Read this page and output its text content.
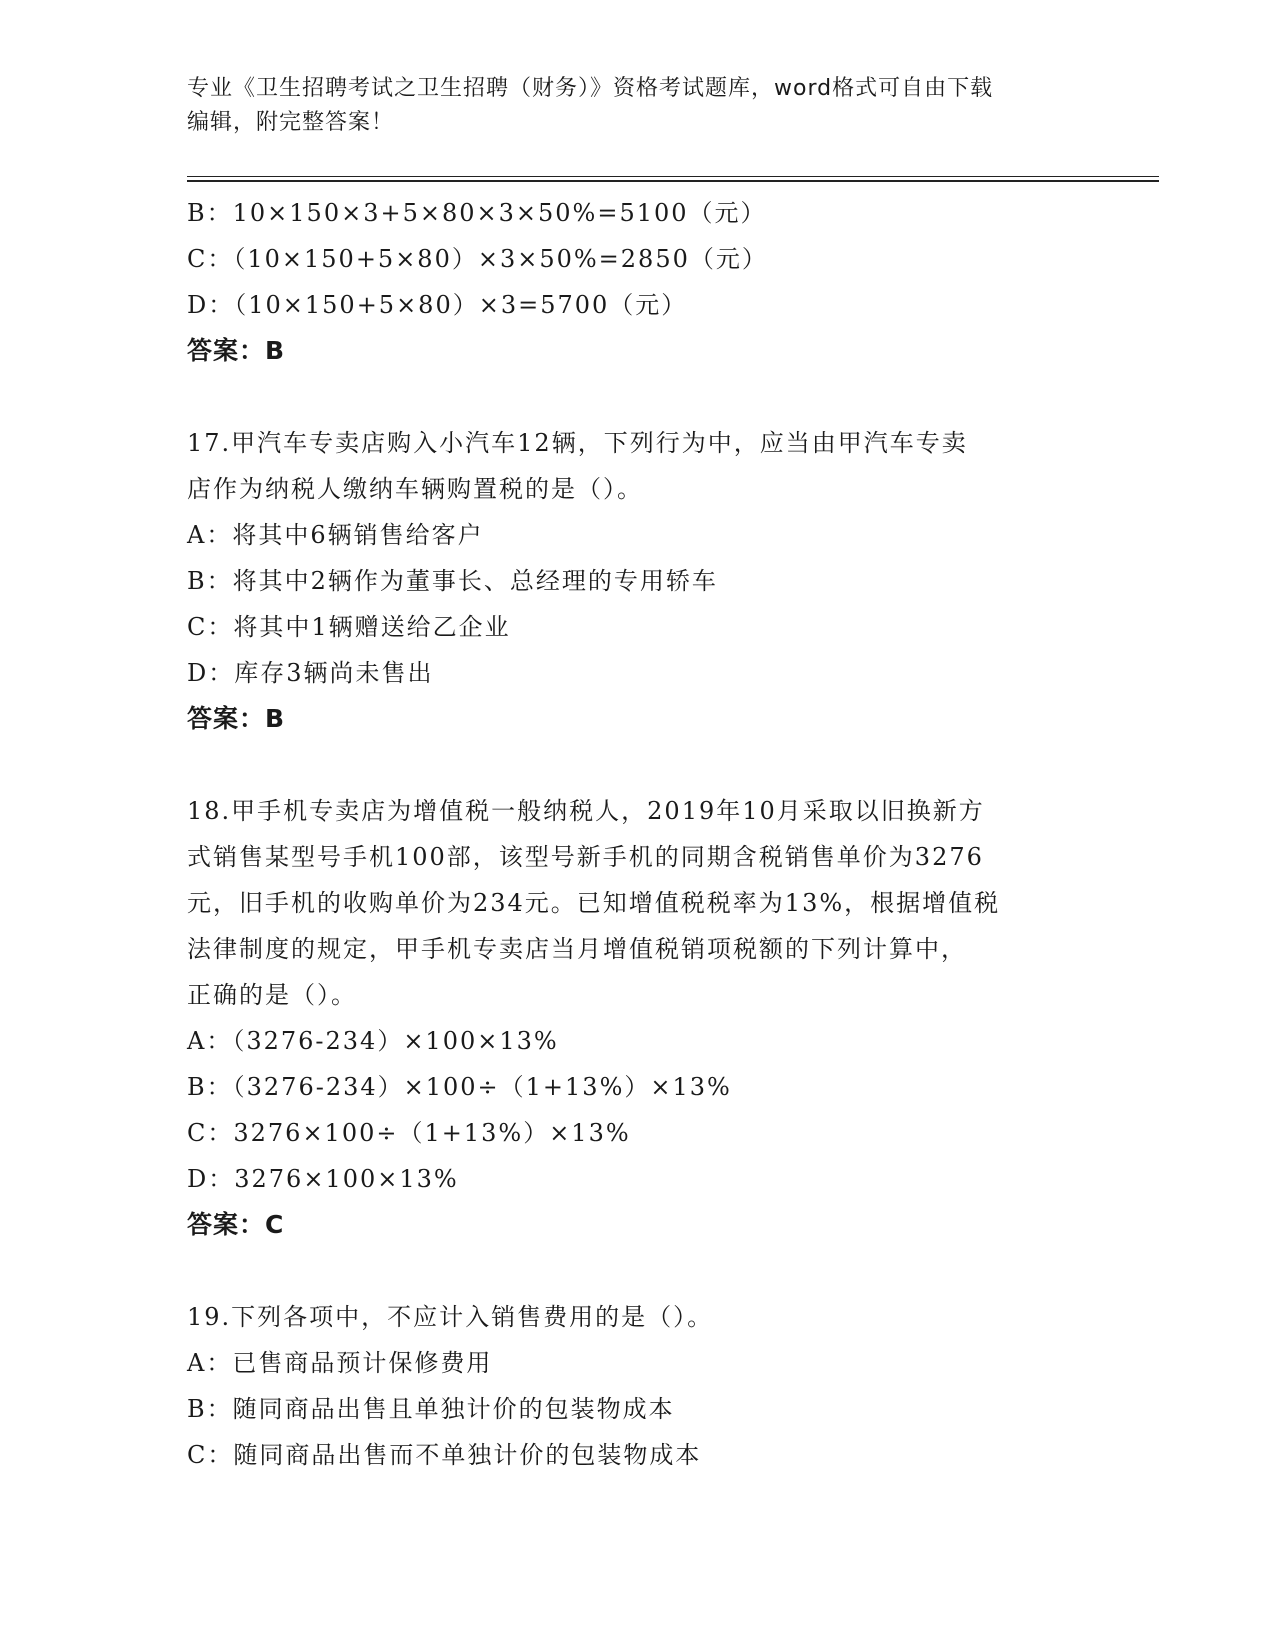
专业《卫生招聘考试之卫生招聘（财务）》资格考试题库，word格式可自由下载
编辑，附完整答案！
B：10×150×3+5×80×3×50%=5100（元）
C：（10×150+5×80）×3×50%=2850（元）
D：（10×150+5×80）×3=5700（元）
答案：B
17.甲汽车专卖店购入小汽车12辆，下列行为中，应当由甲汽车专卖
店作为纳税人缴纳车辆购置税的是（）。
A：将其中6辆销售给客户
B：将其中2辆作为董事长、总经理的专用轿车
C：将其中1辆赠送给乙企业
D：库存3辆尚未售出
答案：B
18.甲手机专卖店为增值税一般纳税人，2019年10月采取以旧换新方
式销售某型号手机100部，该型号新手机的同期含税销售单价为3276
元，旧手机的收购单价为234元。已知增值税税率为13%，根据增值税
法律制度的规定，甲手机专卖店当月增值税销项税额的下列计算中，
正确的是（）。
A：（3276-234）×100×13%
B：（3276-234）×100÷（1+13%）×13%
C：3276×100÷（1+13%）×13%
D：3276×100×13%
答案：C
19.下列各项中，不应计入销售费用的是（）。
A：已售商品预计保修费用
B：随同商品出售且单独计价的包装物成本
C：随同商品出售而不单独计价的包装物成本
